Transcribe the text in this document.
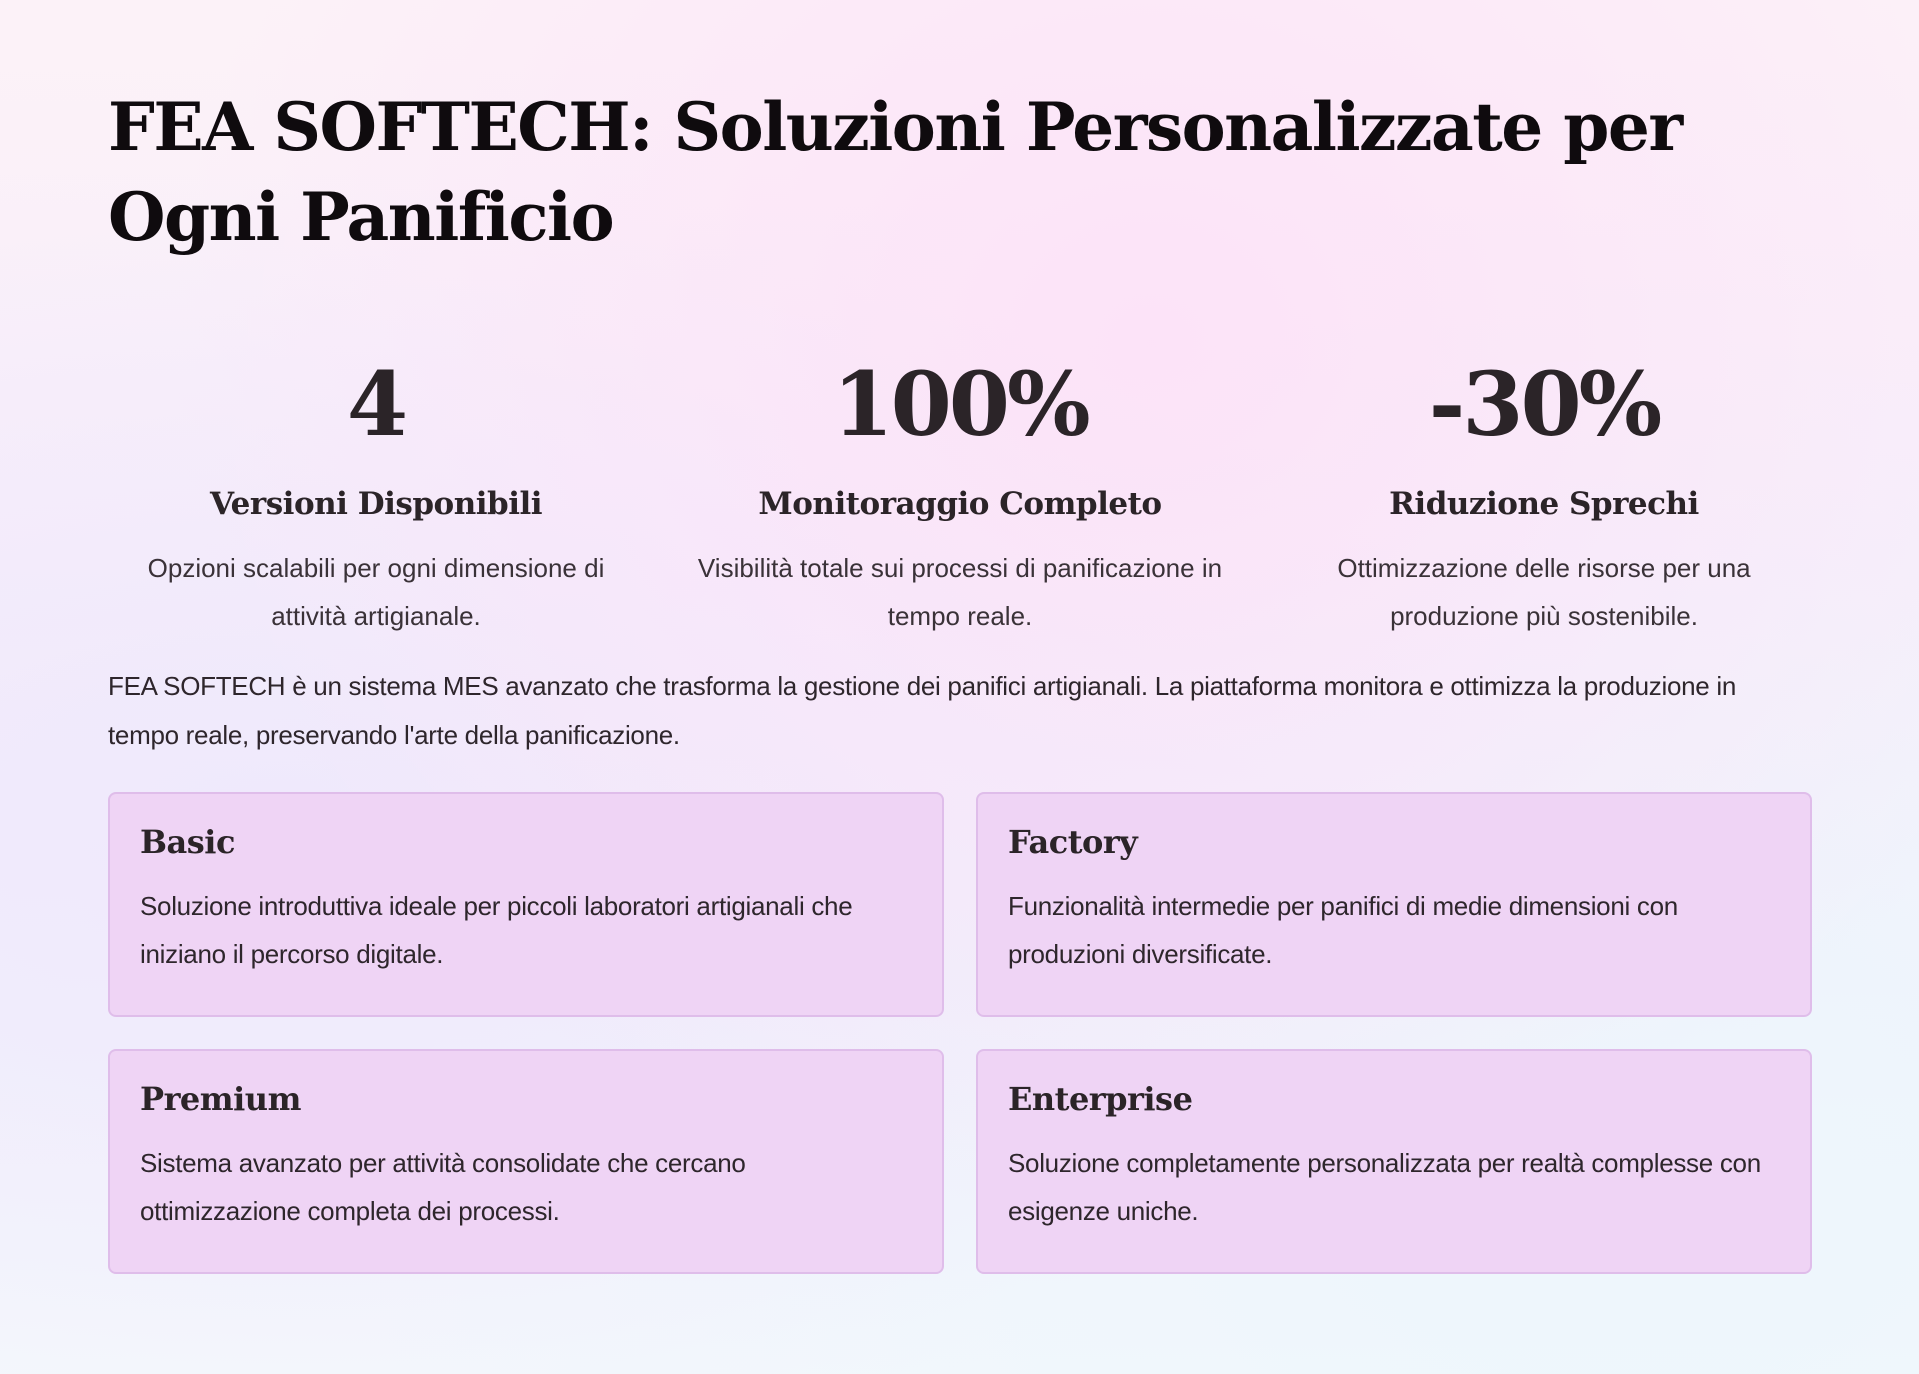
FEA SOFTECH: Soluzioni Personalizzate per Ogni Panificio
4
Versioni Disponibili
Opzioni scalabili per ogni dimensione di attività artigianale.
100%
Monitoraggio Completo
Visibilità totale sui processi di panificazione in tempo reale.
-30%
Riduzione Sprechi
Ottimizzazione delle risorse per una produzione più sostenibile.

FEA SOFTECH è un sistema MES avanzato che trasforma la gestione dei panifici artigianali. La piattaforma monitora e ottimizza la produzione in tempo reale, preservando l'arte della panificazione.

Basic
Soluzione introduttiva ideale per piccoli laboratori artigianali che iniziano il percorso digitale.
Factory
Funzionalità intermedie per panifici di medie dimensioni con produzioni diversificate.
Premium
Sistema avanzato per attività consolidate che cercano ottimizzazione completa dei processi.
Enterprise
Soluzione completamente personalizzata per realtà complesse con esigenze uniche.
